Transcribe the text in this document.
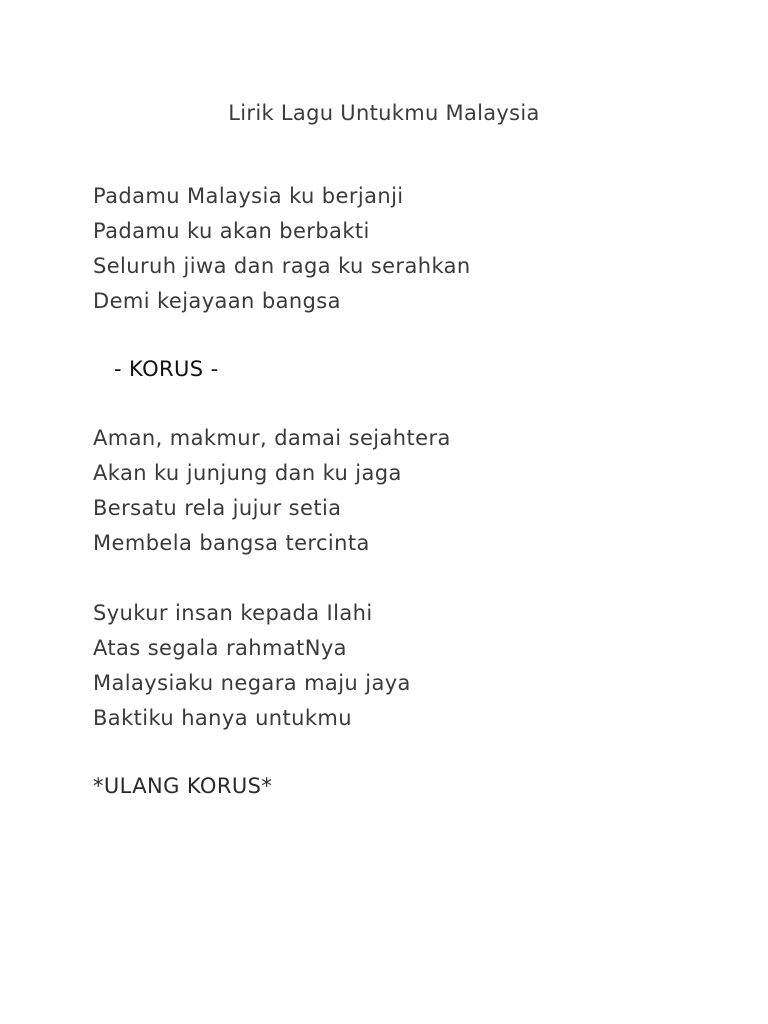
Lirik Lagu Untukmu Malaysia
Padamu Malaysia ku berjanji
Padamu ku akan berbakti
Seluruh jiwa dan raga ku serahkan
Demi kejayaan bangsa
- KORUS -
Aman, makmur, damai sejahtera
Akan ku junjung dan ku jaga
Bersatu rela jujur setia
Membela bangsa tercinta
Syukur insan kepada Ilahi
Atas segala rahmatNya
Malaysiaku negara maju jaya
Baktiku hanya untukmu
*ULANG KORUS*
